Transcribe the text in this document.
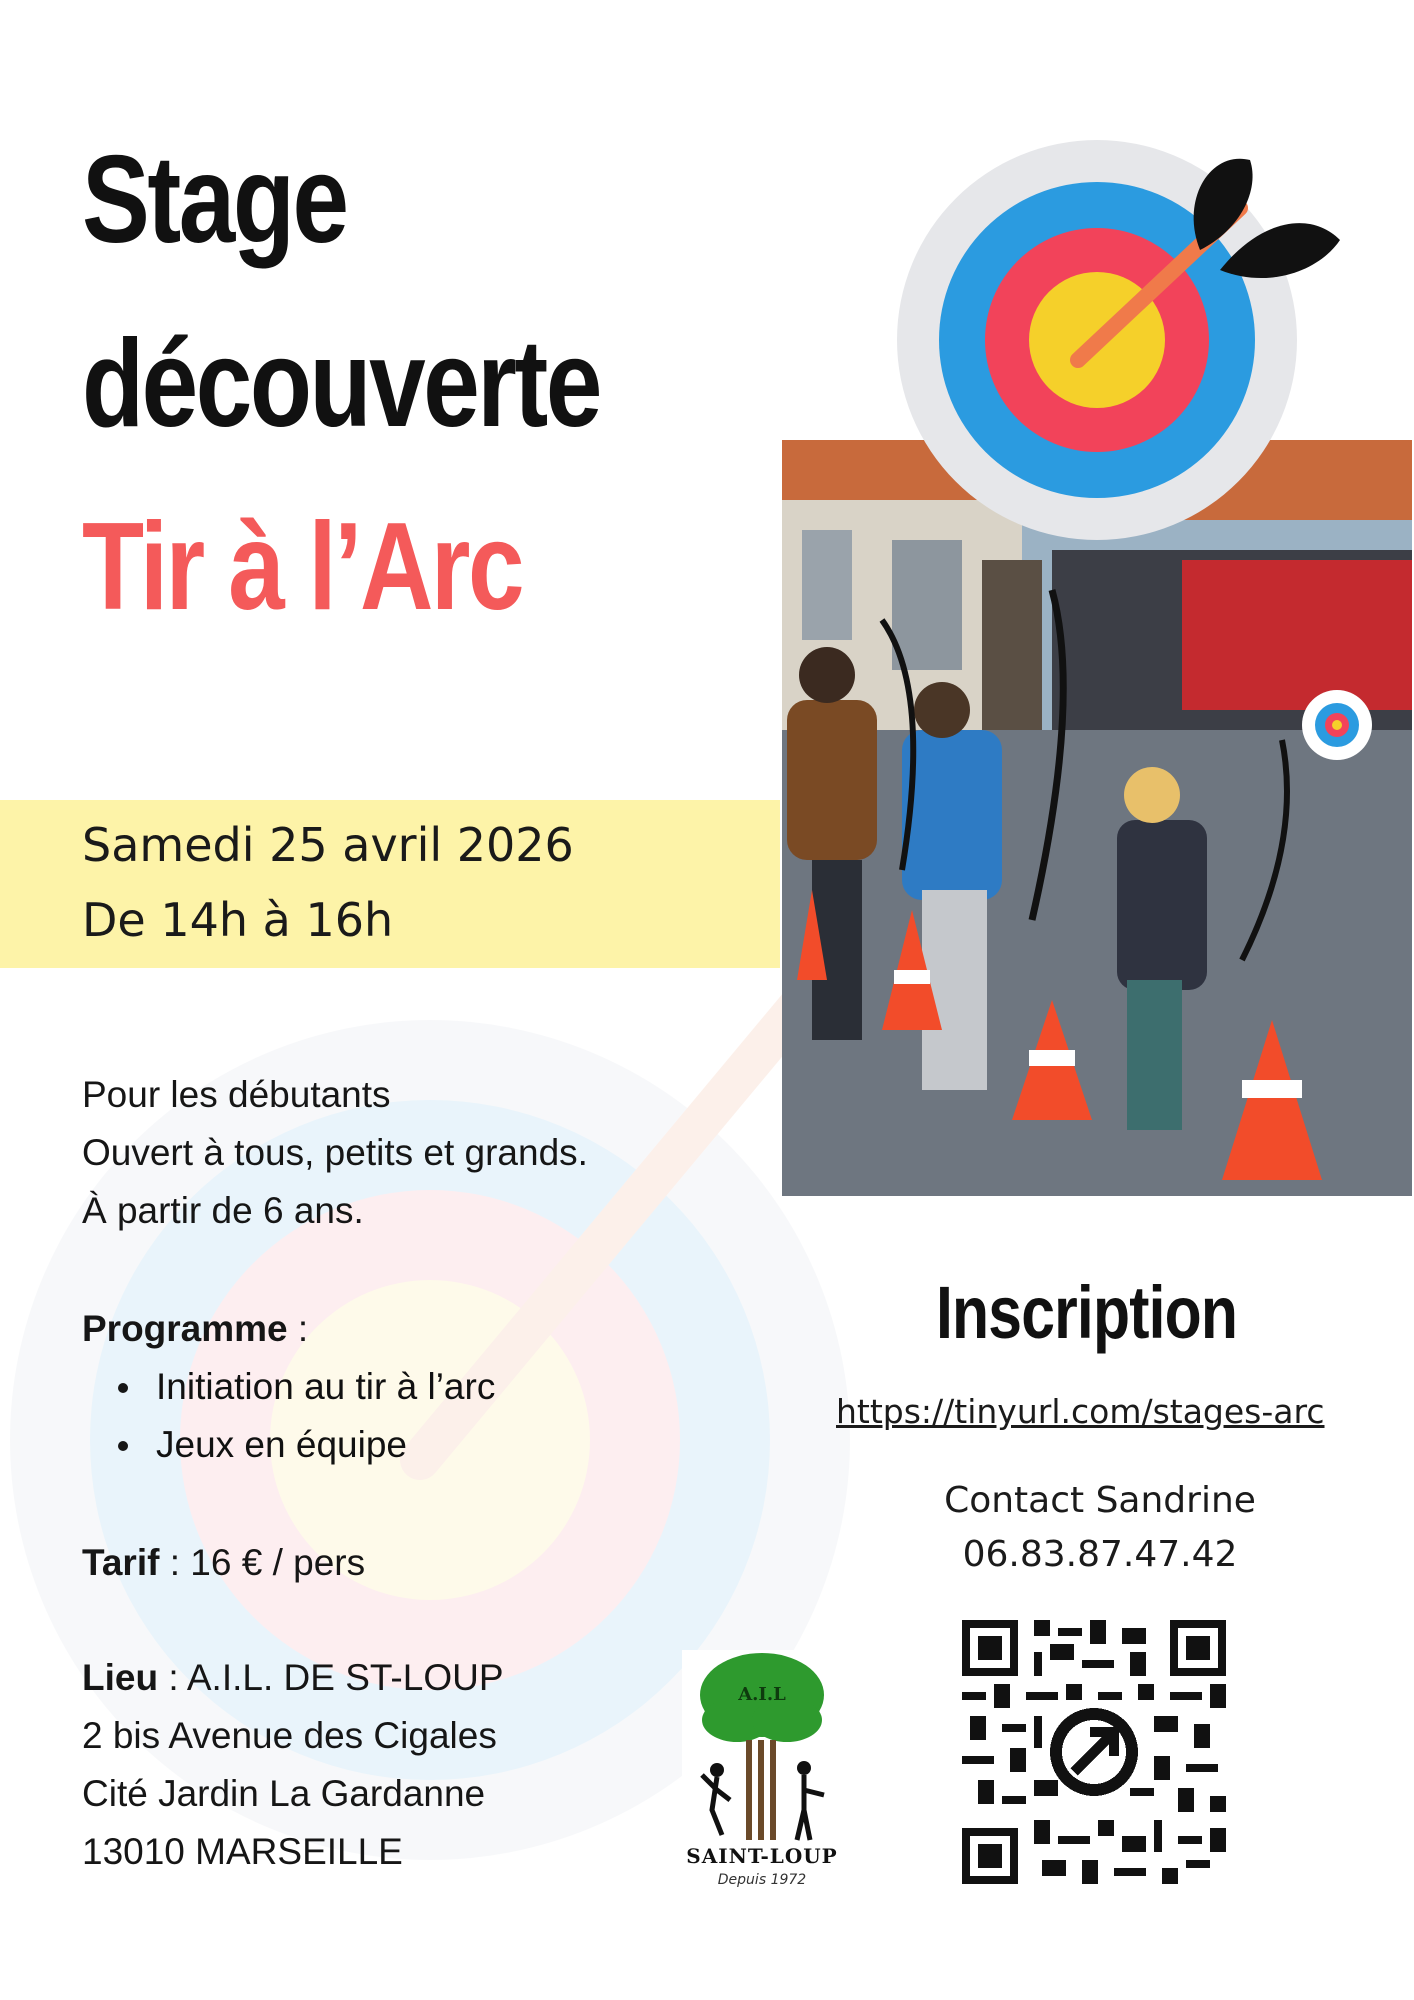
Stage
découverte
Tir à l’Arc

Samedi 25 avril 2026

De 14h à 16h

Pour les débutants
Ouvert à tous, petits et grands.
À partir de 6 ans.
Programme :
Initiation au tir à l’arc
Jeux en équipe
Tarif : 16 € / pers
Lieu : A.I.L. DE ST-LOUP
2 bis Avenue des Cigales
Cité Jardin La Gardanne
13010 MARSEILLE
Inscription
https://tinyurl.com/stages-arc
Contact Sandrine
06.83.87.47.42
A.I.L
SAINT-LOUP
Depuis 1972
